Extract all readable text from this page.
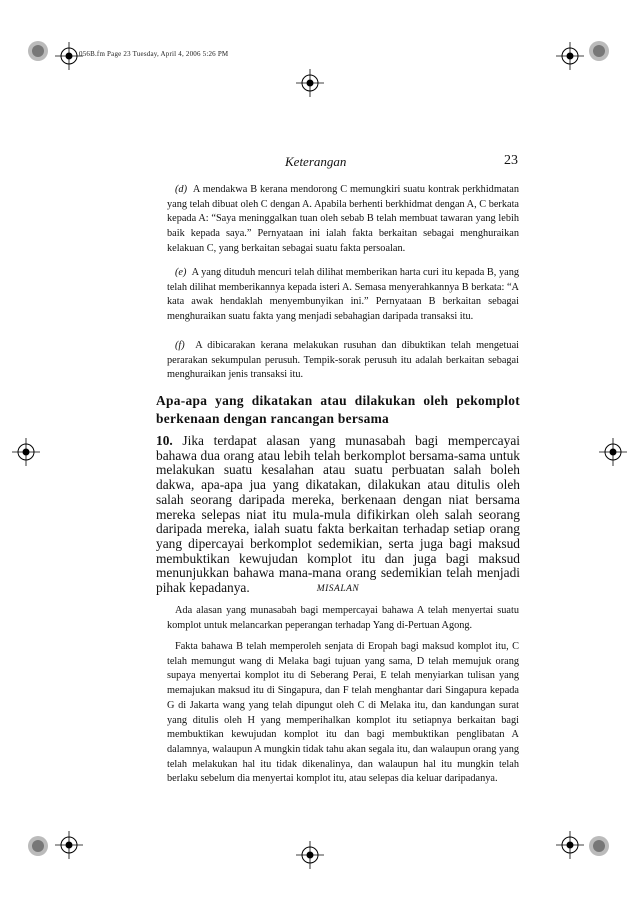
056B.fm Page 23 Tuesday, April 4, 2006 5:26 PM
Keterangan	23

(d) A mendakwa B kerana mendorong C memungkiri suatu kontrak perkhidmatan yang telah dibuat oleh C dengan A. Apabila berhenti berkhidmat dengan A, C berkata kepada A: “Saya meninggalkan tuan oleh sebab B telah membuat tawaran yang lebih baik kepada saya.” Pernyataan ini ialah fakta berkaitan sebagai menghuraikan kelakuan C, yang berkaitan sebagai suatu fakta persoalan.

(e) A yang dituduh mencuri telah dilihat memberikan harta curi itu kepada B, yang telah dilihat memberikannya kepada isteri A. Semasa menyerahkannya B berkata: “A kata awak hendaklah menyembunyikan ini.” Pernyataan B berkaitan sebagai menghuraikan suatu fakta yang menjadi sebahagian daripada transaksi itu.

(f) A dibicarakan kerana melakukan rusuhan dan dibuktikan telah mengetuai perarakan sekumpulan perusuh. Tempik-sorak perusuh itu adalah berkaitan sebagai menghuraikan jenis transaksi itu.

Apa-apa yang dikatakan atau dilakukan oleh pekomplot berkenaan dengan rancangan bersama

10. Jika terdapat alasan yang munasabah bagi mempercayai bahawa dua orang atau lebih telah berkomplot bersama-sama untuk melakukan suatu kesalahan atau suatu perbuatan salah boleh dakwa, apa-apa jua yang dikatakan, dilakukan atau ditulis oleh salah seorang daripada mereka, berkenaan dengan niat bersama mereka selepas niat itu mula-mula difikirkan oleh salah seorang daripada mereka, ialah suatu fakta berkaitan terhadap setiap orang yang dipercayai berkomplot sedemikian, serta juga bagi maksud membuktikan kewujudan komplot itu dan juga bagi maksud menunjukkan bahawa mana-mana orang sedemikian telah menjadi pihak kepadanya.	MISALAN

Ada alasan yang munasabah bagi mempercayai bahawa A telah menyertai suatu komplot untuk melancarkan peperangan terhadap Yang di-Pertuan Agong.

Fakta bahawa B telah memperoleh senjata di Eropah bagi maksud komplot itu, C telah memungut wang di Melaka bagi tujuan yang sama, D telah memujuk orang supaya menyertai komplot itu di Seberang Perai, E telah menyiarkan tulisan yang memajukan maksud itu di Singapura, dan F telah menghantar dari Singapura kepada G di Jakarta wang yang telah dipungut oleh C di Melaka itu, dan kandungan surat yang ditulis oleh H yang memperihalkan komplot itu setiapnya berkaitan bagi membuktikan kewujudan komplot itu dan bagi membuktikan penglibatan A dalamnya, walaupun A mungkin tidak tahu akan segala itu, dan walaupun orang yang telah melakukan hal itu tidak dikenalinya, dan walaupun hal itu mungkin telah berlaku sebelum dia menyertai komplot itu, atau selepas dia keluar daripadanya.
